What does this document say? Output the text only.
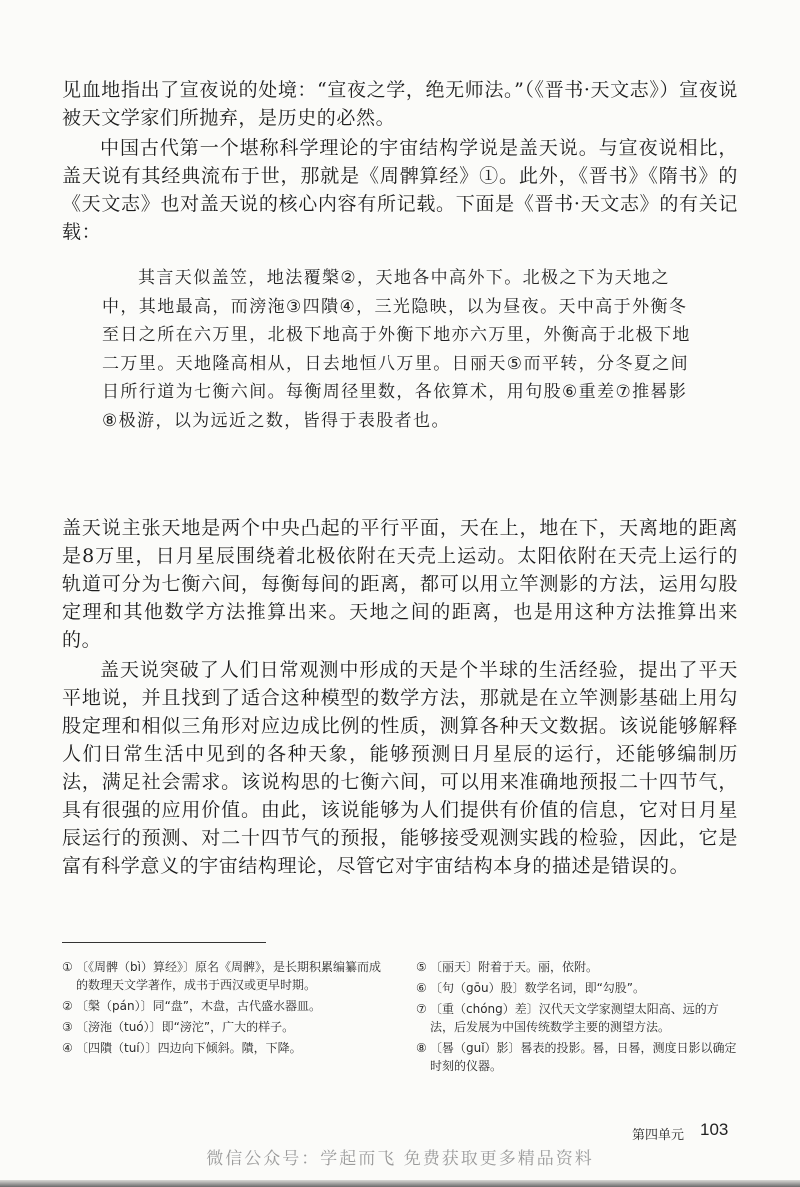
见血地指出了宣夜说的处境：“宣夜之学，绝无师法。”（《晋书·天文志》）宣夜说被天文学家们所抛弃，是历史的必然。

中国古代第一个堪称科学理论的宇宙结构学说是盖天说。与宣夜说相比，盖天说有其经典流布于世，那就是《周髀算经》①。此外，《晋书》《隋书》的《天文志》也对盖天说的核心内容有所记载。下面是《晋书·天文志》的有关记载：

其言天似盖笠，地法覆槃②，天地各中高外下。北极之下为天地之中，其地最高，而滂沲③四隤④，三光隐映，以为昼夜。天中高于外衡冬至日之所在六万里，北极下地高于外衡下地亦六万里，外衡高于北极下地二万里。天地隆高相从，日去地恒八万里。日丽天⑤而平转，分冬夏之间日所行道为七衡六间。每衡周径里数，各依算术，用句股⑥重差⑦推晷影⑧极游，以为远近之数，皆得于表股者也。

盖天说主张天地是两个中央凸起的平行平面，天在上，地在下，天离地的距离是8万里，日月星辰围绕着北极依附在天壳上运动。太阳依附在天壳上运行的轨道可分为七衡六间，每衡每间的距离，都可以用立竿测影的方法，运用勾股定理和其他数学方法推算出来。天地之间的距离，也是用这种方法推算出来的。

盖天说突破了人们日常观测中形成的天是个半球的生活经验，提出了平天平地说，并且找到了适合这种模型的数学方法，那就是在立竿测影基础上用勾股定理和相似三角形对应边成比例的性质，测算各种天文数据。该说能够解释人们日常生活中见到的各种天象，能够预测日月星辰的运行，还能够编制历法，满足社会需求。该说构思的七衡六间，可以用来准确地预报二十四节气，具有很强的应用价值。由此，该说能够为人们提供有价值的信息，它对日月星辰运行的预测、对二十四节气的预报，能够接受观测实践的检验，因此，它是富有科学意义的宇宙结构理论，尽管它对宇宙结构本身的描述是错误的。

① 〔《周髀（bì）算经》〕原名《周髀》，是长期积累编纂而成的数理天文学著作，成书于西汉或更早时期。
② 〔槃（pán）〕同“盘”，木盘，古代盛水器皿。
③ 〔滂沲（tuó）〕即“滂沱”，广大的样子。
④ 〔四隤（tuí）〕四边向下倾斜。隤，下降。
⑤ 〔丽天〕附着于天。丽，依附。
⑥ 〔句（gōu）股〕数学名词，即“勾股”。
⑦ 〔重（chóng）差〕汉代天文学家测望太阳高、远的方法，后发展为中国传统数学主要的测望方法。
⑧ 〔晷（guǐ）影〕晷表的投影。晷，日晷，测度日影以确定时刻的仪器。
第四单元 103
微信公众号：学起而飞 免费获取更多精品资料
